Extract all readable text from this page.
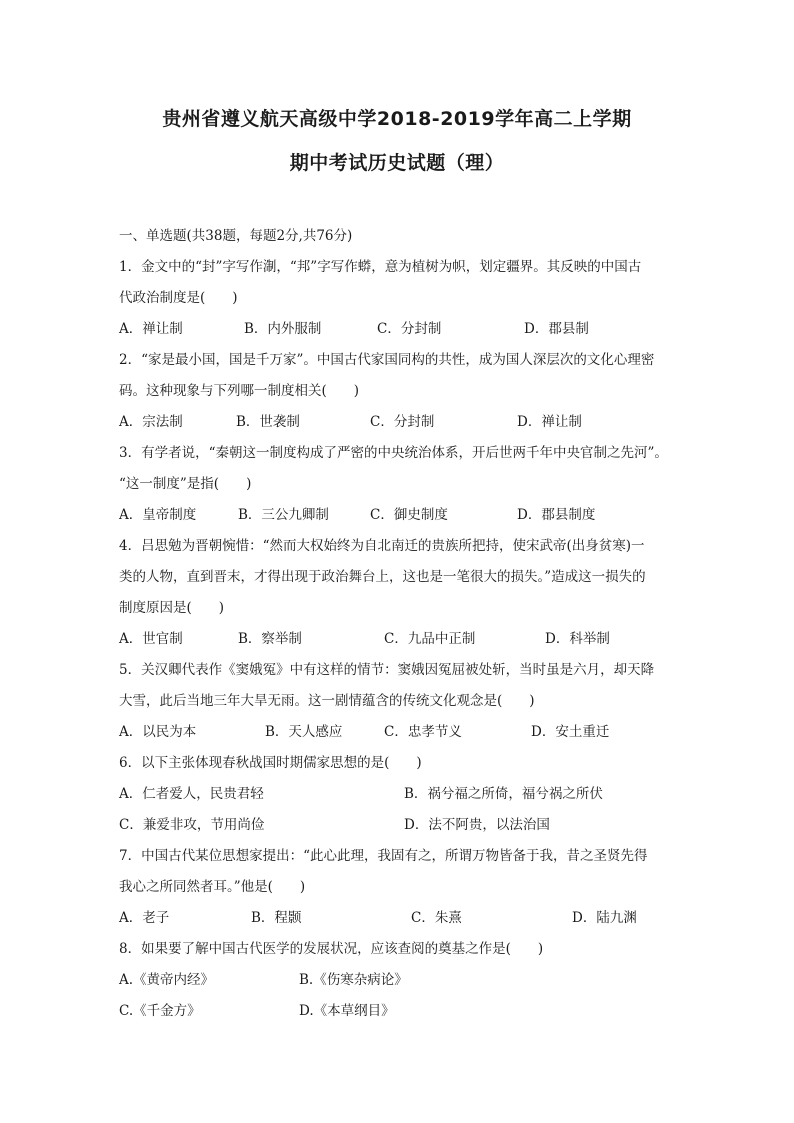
贵州省遵义航天高级中学2018-2019学年高二上学期
期中考试历史试题（理）

一、单选题(共38题，每题2分,共76分)

1．金文中的“封”字写作淛，“邦”字写作蟒，意为植树为帜，划定疆界。其反映的中国古

代政治制度是(　　)

A．禅让制	B．内外服制	C．分封制	D．郡县制

2．“家是最小国，国是千万家”。中国古代家国同构的共性，成为国人深层次的文化心理密

码。这种现象与下列哪一制度相关(　　)

A．宗法制	B．世袭制	C．分封制	D．禅让制

3．有学者说，“秦朝这一制度构成了严密的中央统治体系，开后世两千年中央官制之先河”。

“这一制度”是指(　　)

A．皇帝制度	B．三公九卿制	C．御史制度	D．郡县制度

4．吕思勉为晋朝惋惜：“然而大权始终为自北南迁的贵族所把持，使宋武帝(出身贫寒)一

类的人物，直到晋末，才得出现于政治舞台上，这也是一笔很大的损失。”造成这一损失的

制度原因是(　　)

A．世官制	B．察举制	C．九品中正制	D．科举制

5．关汉卿代表作《窦娥冤》中有这样的情节：窦娥因冤屈被处斩，当时虽是六月，却天降

大雪，此后当地三年大旱无雨。这一剧情蕴含的传统文化观念是(　　)

A．以民为本	B．天人感应	C．忠孝节义	D．安土重迁

6．以下主张体现春秋战国时期儒家思想的是(　　)

A．仁者爱人，民贵君轻	B．祸兮福之所倚，福兮祸之所伏
C．兼爱非攻，节用尚俭	D．法不阿贵，以法治国

7．中国古代某位思想家提出：“此心此理，我固有之，所谓万物皆备于我，昔之圣贤先得

我心之所同然者耳。”他是(　　)

A．老子	B．程颢	C．朱熹	D．陆九渊

8．如果要了解中国古代医学的发展状况，应该查阅的奠基之作是(　　)

A.《黄帝内经》	B.《伤寒杂病论》
C.《千金方》	D.《本草纲目》
